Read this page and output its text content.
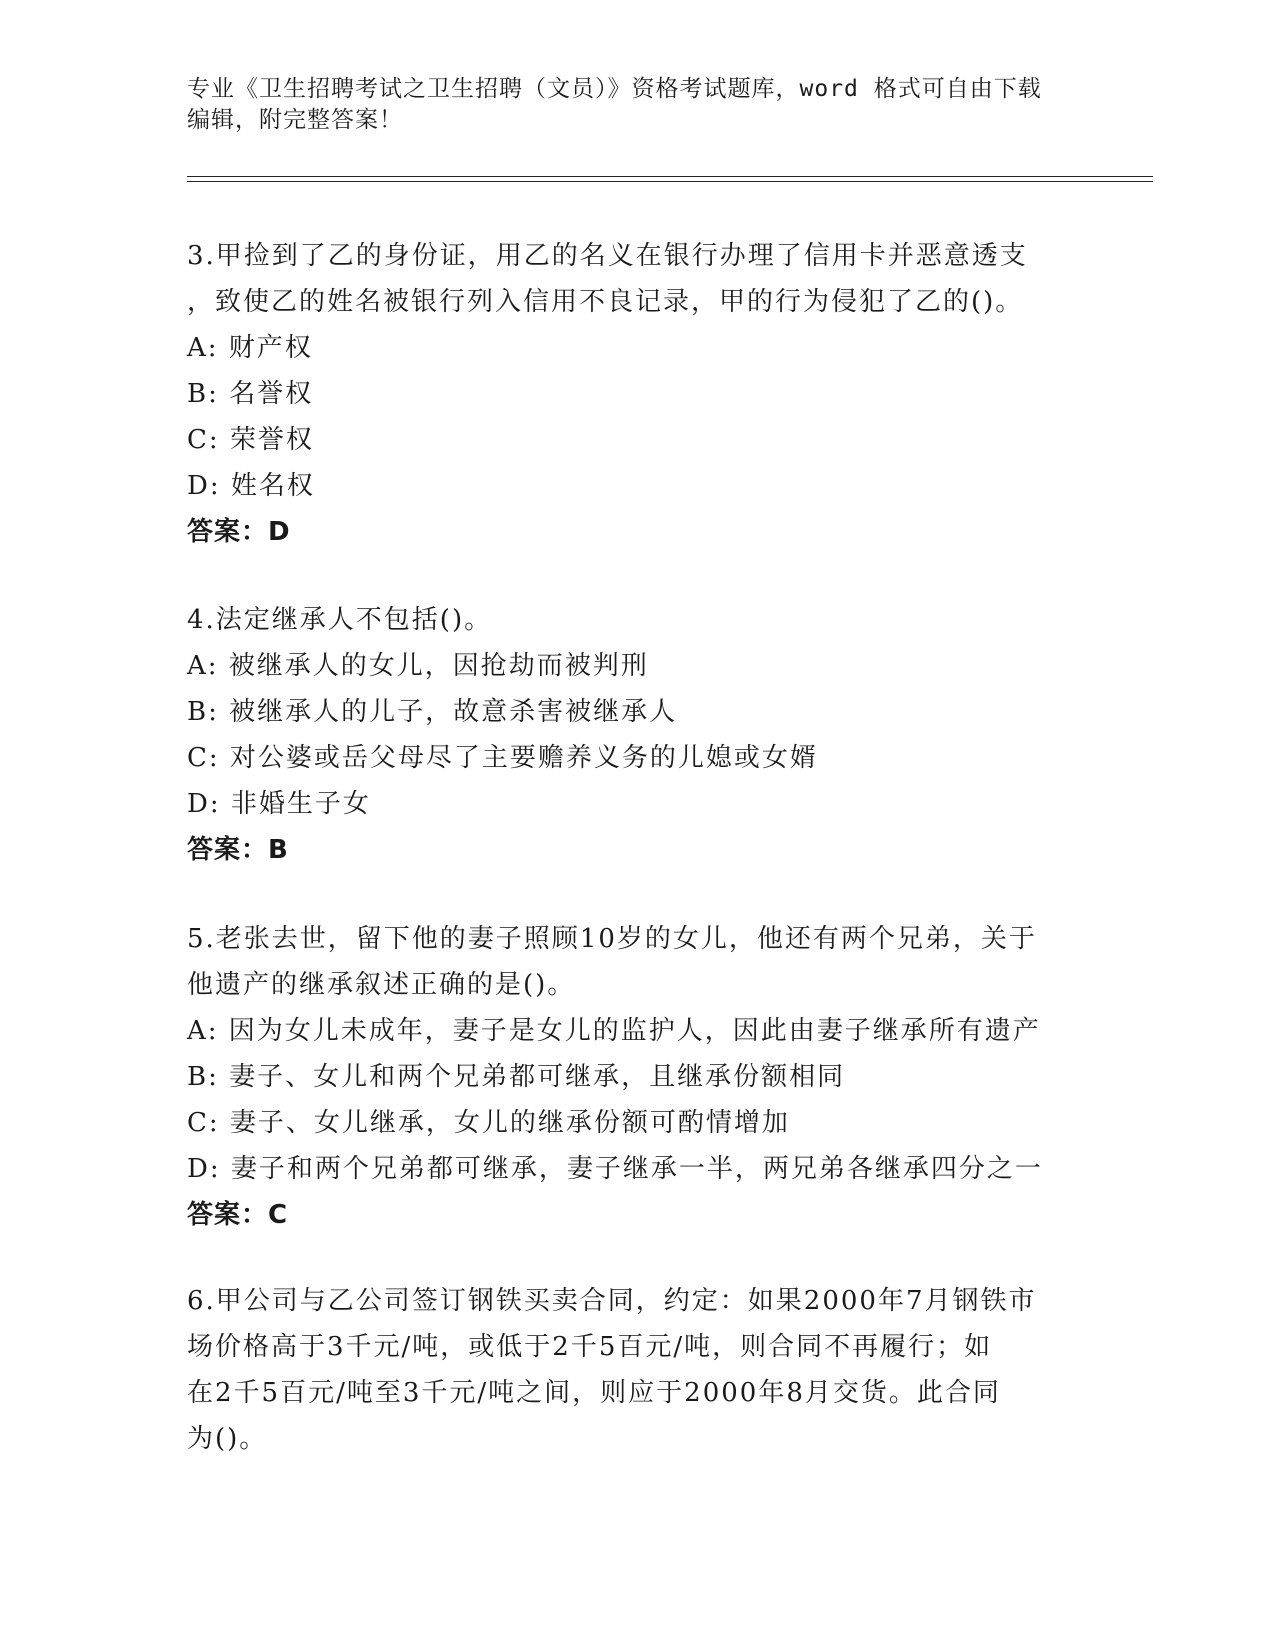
专业《卫生招聘考试之卫生招聘（文员）》资格考试题库，word 格式可自由下载
编辑，附完整答案！
3.甲捡到了乙的身份证，用乙的名义在银行办理了信用卡并恶意透支
，致使乙的姓名被银行列入信用不良记录，甲的行为侵犯了乙的()。
A: 财产权
B: 名誉权
C: 荣誉权
D: 姓名权
答案：D
4.法定继承人不包括()。
A: 被继承人的女儿，因抢劫而被判刑
B: 被继承人的儿子，故意杀害被继承人
C: 对公婆或岳父母尽了主要赡养义务的儿媳或女婿
D: 非婚生子女
答案：B
5.老张去世，留下他的妻子照顾10岁的女儿，他还有两个兄弟，关于
他遗产的继承叙述正确的是()。
A: 因为女儿未成年，妻子是女儿的监护人，因此由妻子继承所有遗产
B: 妻子、女儿和两个兄弟都可继承，且继承份额相同
C: 妻子、女儿继承，女儿的继承份额可酌情增加
D: 妻子和两个兄弟都可继承，妻子继承一半，两兄弟各继承四分之一
答案：C
6.甲公司与乙公司签订钢铁买卖合同，约定：如果2000年7月钢铁市
场价格高于3千元/吨，或低于2千5百元/吨，则合同不再履行；如
在2千5百元/吨至3千元/吨之间，则应于2000年8月交货。此合同
为()。
